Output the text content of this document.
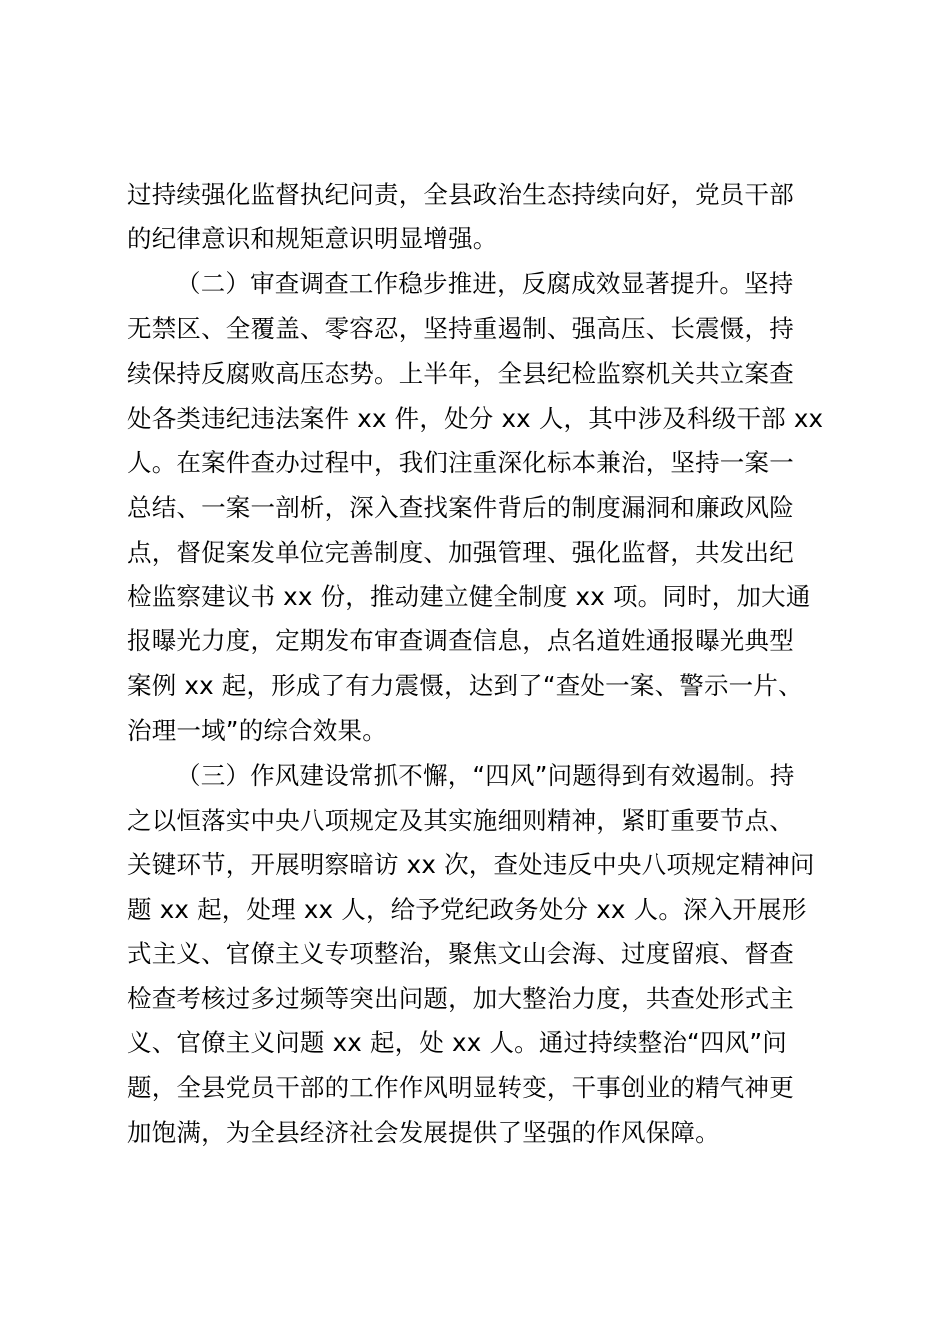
过持续强化监督执纪问责，全县政治生态持续向好，党员干部
的纪律意识和规矩意识明显增强。
（二）审查调查工作稳步推进，反腐成效显著提升。坚持
无禁区、全覆盖、零容忍，坚持重遏制、强高压、长震慑，持
续保持反腐败高压态势。上半年，全县纪检监察机关共立案查
处各类违纪违法案件 xx 件，处分 xx 人，其中涉及科级干部 xx
人。在案件查办过程中，我们注重深化标本兼治，坚持一案一
总结、一案一剖析，深入查找案件背后的制度漏洞和廉政风险
点，督促案发单位完善制度、加强管理、强化监督，共发出纪
检监察建议书 xx 份，推动建立健全制度 xx 项。同时，加大通
报曝光力度，定期发布审查调查信息，点名道姓通报曝光典型
案例 xx 起，形成了有力震慑，达到了“查处一案、警示一片、
治理一域”的综合效果。
（三）作风建设常抓不懈，“四风”问题得到有效遏制。持
之以恒落实中央八项规定及其实施细则精神，紧盯重要节点、
关键环节，开展明察暗访 xx 次，查处违反中央八项规定精神问
题 xx 起，处理 xx 人，给予党纪政务处分 xx 人。深入开展形
式主义、官僚主义专项整治，聚焦文山会海、过度留痕、督查
检查考核过多过频等突出问题，加大整治力度，共查处形式主
义、官僚主义问题 xx 起，处 xx 人。通过持续整治“四风”问
题，全县党员干部的工作作风明显转变，干事创业的精气神更
加饱满，为全县经济社会发展提供了坚强的作风保障。
